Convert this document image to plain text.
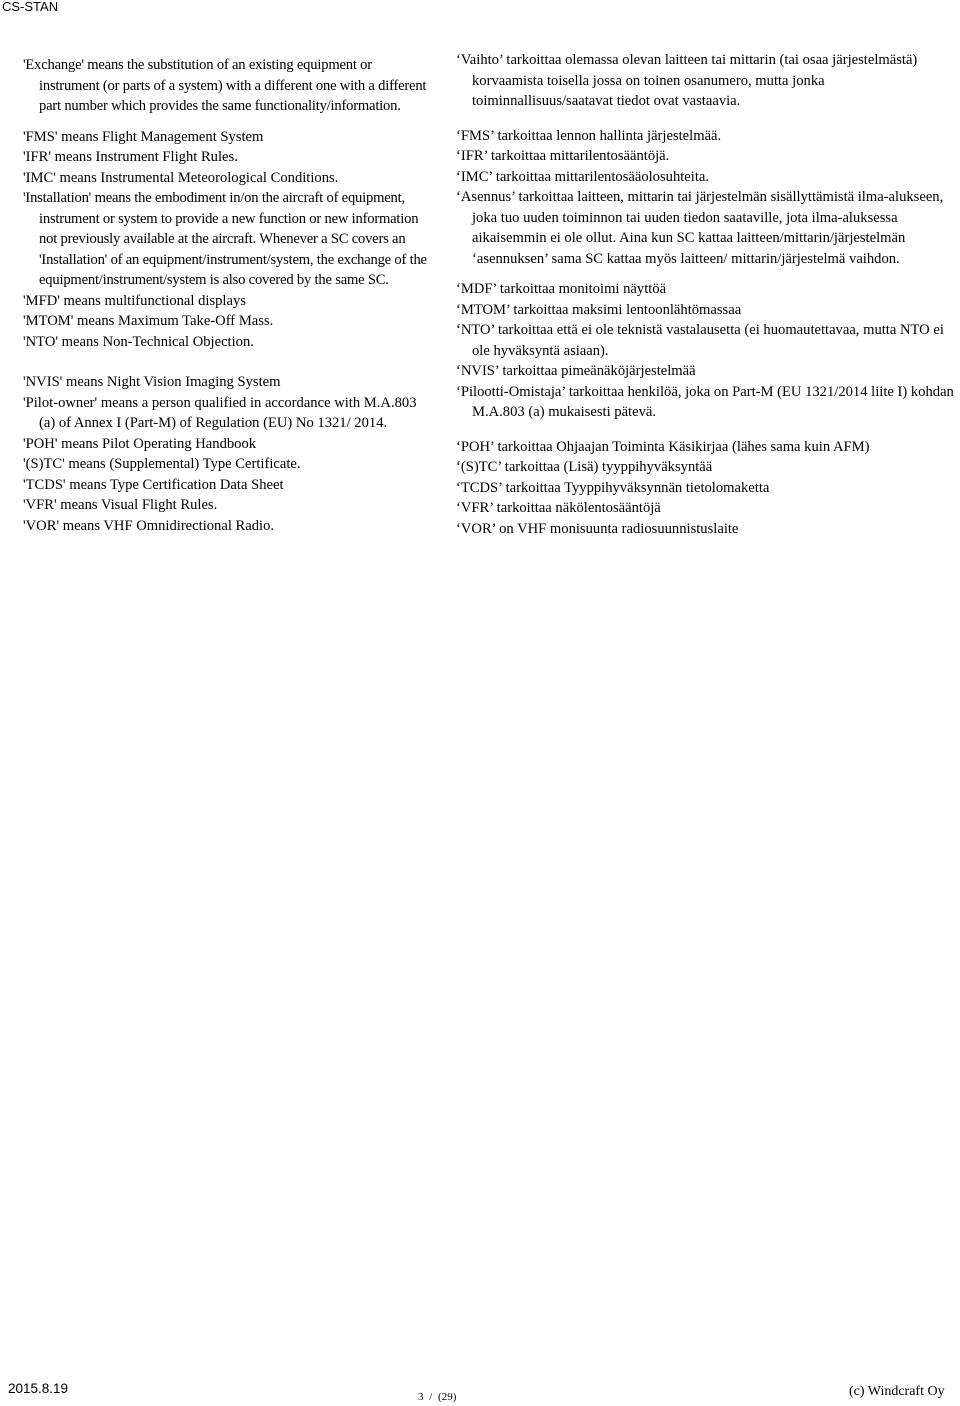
CS-STAN

'Exchange' means the substitution of an existing equipment or instrument (or parts of a system) with a different one with a different part number which provides the same functionality/information.

'FMS' means Flight Management System

'IFR' means Instrument Flight Rules.

'IMC' means Instrumental Meteorological Conditions.

'Installation' means the embodiment in/on the aircraft of equipment, instrument or system to provide a new function or new information not previously available at the aircraft. Whenever a SC covers an 'Installation' of an equipment/instrument/system, the exchange of the equipment/instrument/system is also covered by the same SC.

'MFD' means multifunctional displays

'MTOM' means Maximum Take-Off Mass.

'NTO' means Non-Technical Objection.

'NVIS' means Night Vision Imaging System

'Pilot-owner' means a person qualified in accordance with M.A.803 (a) of Annex I (Part-M) of Regulation (EU) No 1321/ 2014.

'POH' means Pilot Operating Handbook

'(S)TC' means (Supplemental) Type Certificate.

'TCDS' means Type Certification Data Sheet

'VFR' means Visual Flight Rules.

'VOR' means VHF Omnidirectional Radio.

‘Vaihto’ tarkoittaa olemassa olevan laitteen tai mittarin (tai osaa järjestelmästä) korvaamista toisella jossa on toinen osanumero, mutta jonka toiminnallisuus/saatavat tiedot ovat vastaavia.

‘FMS’ tarkoittaa lennon hallinta järjestelmää.

‘IFR’ tarkoittaa mittarilentosääntöjä.

‘IMC’ tarkoittaa mittarilentosääolosuhteita.

‘Asennus’ tarkoittaa laitteen, mittarin tai järjestelmän sisällyttämistä ilma-alukseen, joka tuo uuden toiminnon tai uuden tiedon saataville, jota ilma-aluksessa aikaisemmin ei ole ollut. Aina kun SC kattaa laitteen/mittarin/järjestelmän ‘asennuksen’ sama SC kattaa myös laitteen/ mittarin/järjestelmä vaihdon.

‘MDF’ tarkoittaa monitoimi näyttöä

‘MTOM’ tarkoittaa maksimi lentoonlähtömassaa

‘NTO’ tarkoittaa että ei ole teknistä vastalausetta (ei huomautettavaa, mutta NTO ei ole hyväksyntä asiaan).

‘NVIS’ tarkoittaa pimeänäköjärjestelmää

‘Pilootti-Omistaja’ tarkoittaa henkilöä, joka on Part-M (EU 1321/2014 liite I) kohdan M.A.803 (a) mukaisesti pätevä.

‘POH’ tarkoittaa Ohjaajan Toiminta Käsikirjaa (lähes sama kuin AFM)

‘(S)TC’ tarkoittaa (Lisä) tyyppihyväksyntää

‘TCDS’ tarkoittaa Tyyppihyväksynnän tietolomaketta

‘VFR’ tarkoittaa näkölentosääntöjä

‘VOR’ on VHF monisuunta radiosuunnistuslaite

2015.8.19
3 / (29)	(c) Windcraft Oy
